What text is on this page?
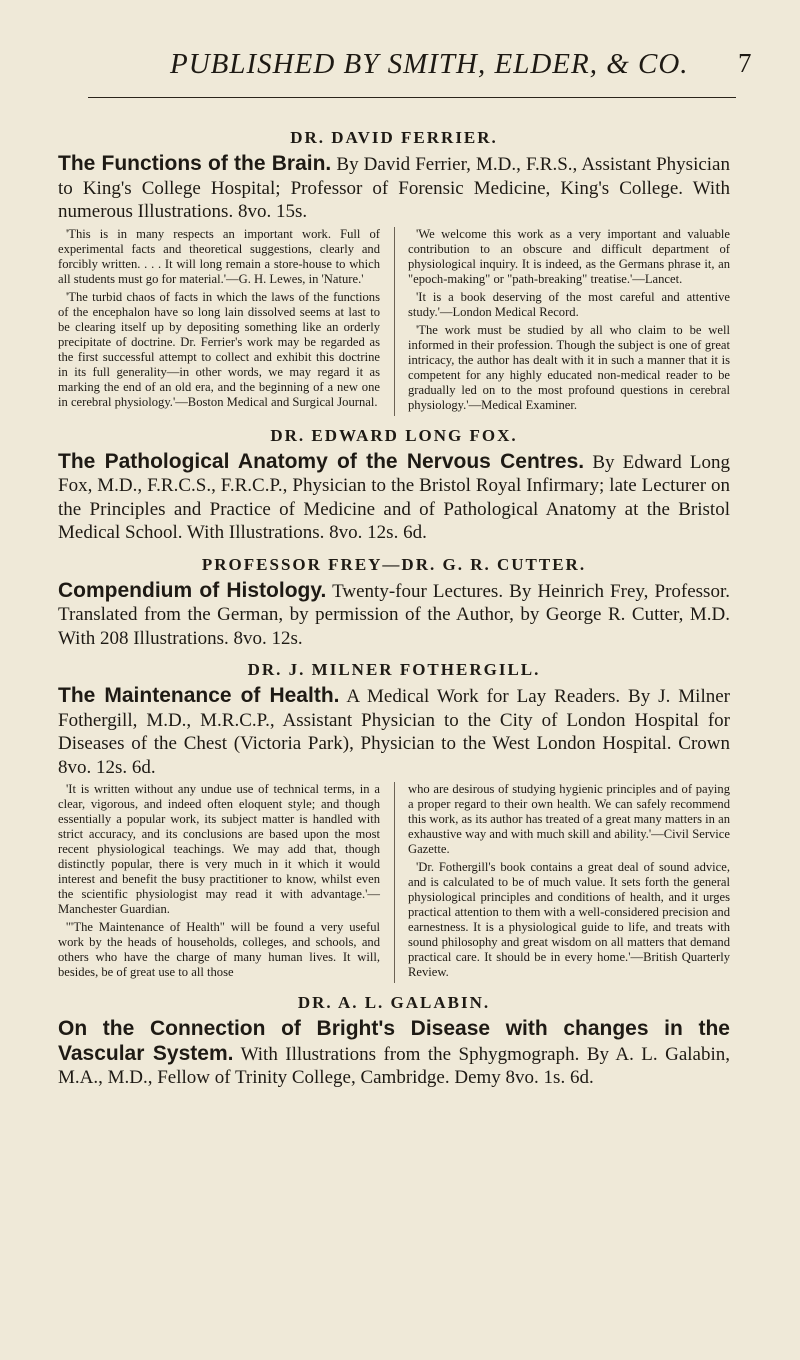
PUBLISHED BY SMITH, ELDER, & CO. 7
DR. DAVID FERRIER.

The Functions of the Brain. By David Ferrier, M.D., F.R.S., Assistant Physician to King's College Hospital; Professor of Forensic Medicine, King's College. With numerous Illustrations. 8vo. 15s.

'This is in many respects an important work. Full of experimental facts and theoretical suggestions, clearly and forcibly written. . . . It will long remain a store-house to which all students must go for material.'—G. H. Lewes, in 'Nature.'

'The turbid chaos of facts in which the laws of the functions of the encephalon have so long lain dissolved seems at last to be clearing itself up by depositing something like an orderly precipitate of doctrine. Dr. Ferrier's work may be regarded as the first successful attempt to collect and exhibit this doctrine in its full generality—in other words, we may regard it as marking the end of an old era, and the beginning of a new one in cerebral physiology.'—Boston Medical and Surgical Journal.

'We welcome this work as a very important and valuable contribution to an obscure and difficult department of physiological inquiry. It is indeed, as the Germans phrase it, an "epoch-making" or "path-breaking" treatise.'—Lancet.

'It is a book deserving of the most careful and attentive study.'—London Medical Record.

'The work must be studied by all who claim to be well informed in their profession. Though the subject is one of great intricacy, the author has dealt with it in such a manner that it is competent for any highly educated non-medical reader to be gradually led on to the most profound questions in cerebral physiology.'—Medical Examiner.

DR. EDWARD LONG FOX.

The Pathological Anatomy of the Nervous Centres. By Edward Long Fox, M.D., F.R.C.S., F.R.C.P., Physician to the Bristol Royal Infirmary; late Lecturer on the Principles and Practice of Medicine and of Pathological Anatomy at the Bristol Medical School. With Illustrations. 8vo. 12s. 6d.

PROFESSOR FREY—DR. G. R. CUTTER.

Compendium of Histology. Twenty-four Lectures. By Heinrich Frey, Professor. Translated from the German, by permission of the Author, by George R. Cutter, M.D. With 208 Illustrations. 8vo. 12s.

DR. J. MILNER FOTHERGILL.

The Maintenance of Health. A Medical Work for Lay Readers. By J. Milner Fothergill, M.D., M.R.C.P., Assistant Physician to the City of London Hospital for Diseases of the Chest (Victoria Park), Physician to the West London Hospital. Crown 8vo. 12s. 6d.

'It is written without any undue use of technical terms, in a clear, vigorous, and indeed often eloquent style; and though essentially a popular work, its subject matter is handled with strict accuracy, and its conclusions are based upon the most recent physiological teachings. We may add that, though distinctly popular, there is very much in it which it would interest and benefit the busy practitioner to know, whilst even the scientific physiologist may read it with advantage.'—Manchester Guardian.

'"The Maintenance of Health" will be found a very useful work by the heads of households, colleges, and schools, and others who have the charge of many human lives. It will, besides, be of great use to all those

who are desirous of studying hygienic principles and of paying a proper regard to their own health. We can safely recommend this work, as its author has treated of a great many matters in an exhaustive way and with much skill and ability.'—Civil Service Gazette.

'Dr. Fothergill's book contains a great deal of sound advice, and is calculated to be of much value. It sets forth the general physiological principles and conditions of health, and it urges practical attention to them with a well-considered precision and earnestness. It is a physiological guide to life, and treats with sound philosophy and great wisdom on all matters that demand practical care. It should be in every home.'—British Quarterly Review.

DR. A. L. GALABIN.

On the Connection of Bright's Disease with changes in the Vascular System. With Illustrations from the Sphygmograph. By A. L. Galabin, M.A., M.D., Fellow of Trinity College, Cambridge. Demy 8vo. 1s. 6d.
